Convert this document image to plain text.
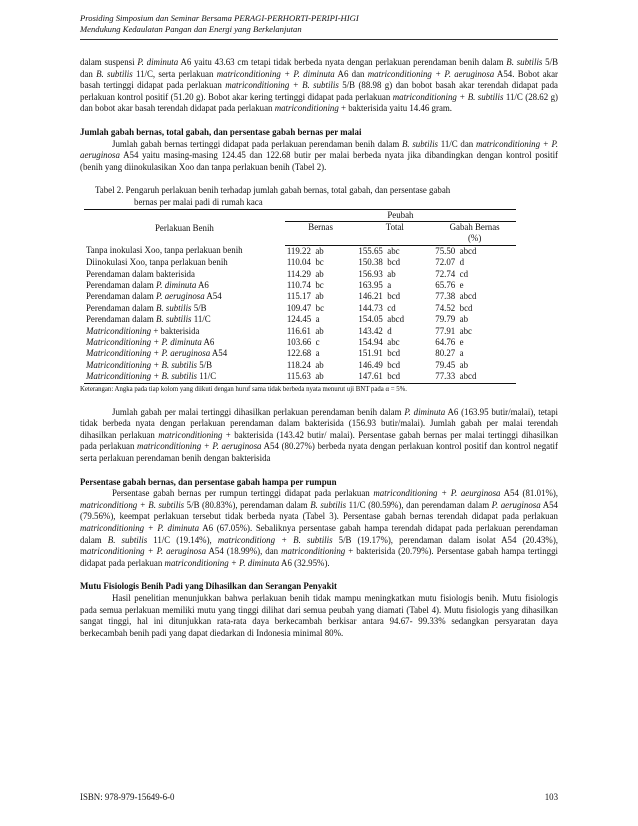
Prosiding Simposium dan Seminar Bersama PERAGI-PERHORTI-PERIPI-HIGI
Mendukung Kedaulatan Pangan dan Energi yang Berkelanjutan

dalam suspensi P. diminuta A6 yaitu 43.63 cm tetapi tidak berbeda nyata dengan perlakuan perendaman benih dalam B. subtilis 5/B dan B. subtilis 11/C, serta perlakuan matriconditioning + P. diminuta A6 dan matriconditioning + P. aeruginosa A54. Bobot akar basah tertinggi didapat pada perlakuan matriconditioning + B. subtilis 5/B (88.98 g) dan bobot basah akar terendah didapat pada perlakuan kontrol positif (51.20 g). Bobot akar kering tertinggi didapat pada perlakuan matriconditioning + B. subtilis 11/C (28.62 g) dan bobot akar basah terendah didapat pada perlakuan matriconditioning + bakterisida yaitu 14.46 gram.

Jumlah gabah bernas, total gabah, dan persentase gabah bernas per malai

Jumlah gabah bernas tertinggi didapat pada perlakuan perendaman benih dalam B. subtilis 11/C dan matriconditioning + P. aeruginosa A54 yaitu masing-masing 124.45 dan 122.68 butir per malai berbeda nyata jika dibandingkan dengan kontrol positif (benih yang diinokulasikan Xoo dan tanpa perlakuan benih (Tabel 2).

Tabel 2. Pengaruh perlakuan benih terhadap jumlah gabah bernas, total gabah, dan persentase gabah
bernas per malai padi di rumah kaca
	Peubah		
Perlakuan Benih	Bernas	Total	Gabah Bernas
			(%)
Tanpa inokulasi Xoo, tanpa perlakuan benih	119.22  ab	155.65  abc	75.50  abcd
Diinokulasi Xoo, tanpa perlakuan benih	110.04  bc	150.38  bcd	72.07  d
Perendaman dalam bakterisida	114.29  ab	156.93  ab	72.74  cd
Perendaman dalam P. diminuta A6	110.74  bc	163.95  a	65.76  e
Perendaman dalam P. aeruginosa A54	115.17  ab	146.21  bcd	77.38  abcd
Perendaman dalam B. subtilis 5/B	109.47  bc	144.73  cd	74.52  bcd
Perendaman dalam B. subtilis 11/C	124.45  a	154.05  abcd	79.79  ab
Matriconditioning + bakterisida	116.61  ab	143.42  d	77.91  abc
Matriconditioning + P. diminuta A6	103.66  c	154.94  abc	64.76  e
Matriconditioning + P. aeruginosa A54	122.68  a	151.91  bcd	80.27  a
Matriconditioning + B. subtilis 5/B	118.24  ab	146.49  bcd	79.45  ab
Matriconditioning + B. subtilis 11/C	115.63  ab	147.61  bcd	77.33  abcd
Keterangan: Angka pada tiap kolom yang diikuti dengan huruf sama tidak berbeda nyata menurut uji BNT pada α = 5%.

Jumlah gabah per malai tertinggi dihasilkan perlakuan perendaman benih dalam P. diminuta A6 (163.95 butir/malai), tetapi tidak berbeda nyata dengan perlakuan perendaman dalam bakterisida (156.93 butir/malai). Jumlah gabah per malai terendah dihasilkan perlakuan matriconditioning + bakterisida (143.42 butir/ malai). Persentase gabah bernas per malai tertinggi dihasilkan pada perlakuan matriconditioning + P. aeruginosa A54 (80.27%) berbeda nyata dengan perlakuan kontrol positif dan kontrol negatif serta perlakuan perendaman benih dengan bakterisida

Persentase gabah bernas, dan persentase gabah hampa per rumpun

Persentase gabah bernas per rumpun tertinggi didapat pada perlakuan matriconditioning + P. aeurginosa A54 (81.01%), matriconditiong + B. subtilis 5/B (80.83%), perendaman dalam B. subtilis 11/C (80.59%), dan perendaman dalam P. aeruginosa A54 (79.56%), keempat perlakuan tersebut tidak berbeda nyata (Tabel 3). Persentase gabah bernas terendah didapat pada perlakuan matriconditioning + P. diminuta A6 (67.05%). Sebaliknya persentase gabah hampa terendah didapat pada perlakuan perendaman dalam B. subtilis 11/C (19.14%), matriconditiong + B. subtilis 5/B (19.17%), perendaman dalam isolat A54 (20.43%), matriconditioning + P. aeruginosa A54 (18.99%), dan matriconditioning + bakterisida (20.79%). Persentase gabah hampa tertinggi didapat pada perlakuan matriconditioning + P. diminuta A6 (32.95%).

Mutu Fisiologis Benih Padi yang Dihasilkan dan Serangan Penyakit

Hasil penelitian menunjukkan bahwa perlakuan benih tidak mampu meningkatkan mutu fisiologis benih. Mutu fisiologis pada semua perlakuan memiliki mutu yang tinggi dilihat dari semua peubah yang diamati (Tabel 4). Mutu fisiologis yang dihasilkan sangat tinggi, hal ini ditunjukkan rata-rata daya berkecambah berkisar antara 94.67- 99.33% sedangkan persyaratan daya berkecambah benih padi yang dapat diedarkan di Indonesia minimal 80%.

ISBN: 978-979-15649-6-0	103
